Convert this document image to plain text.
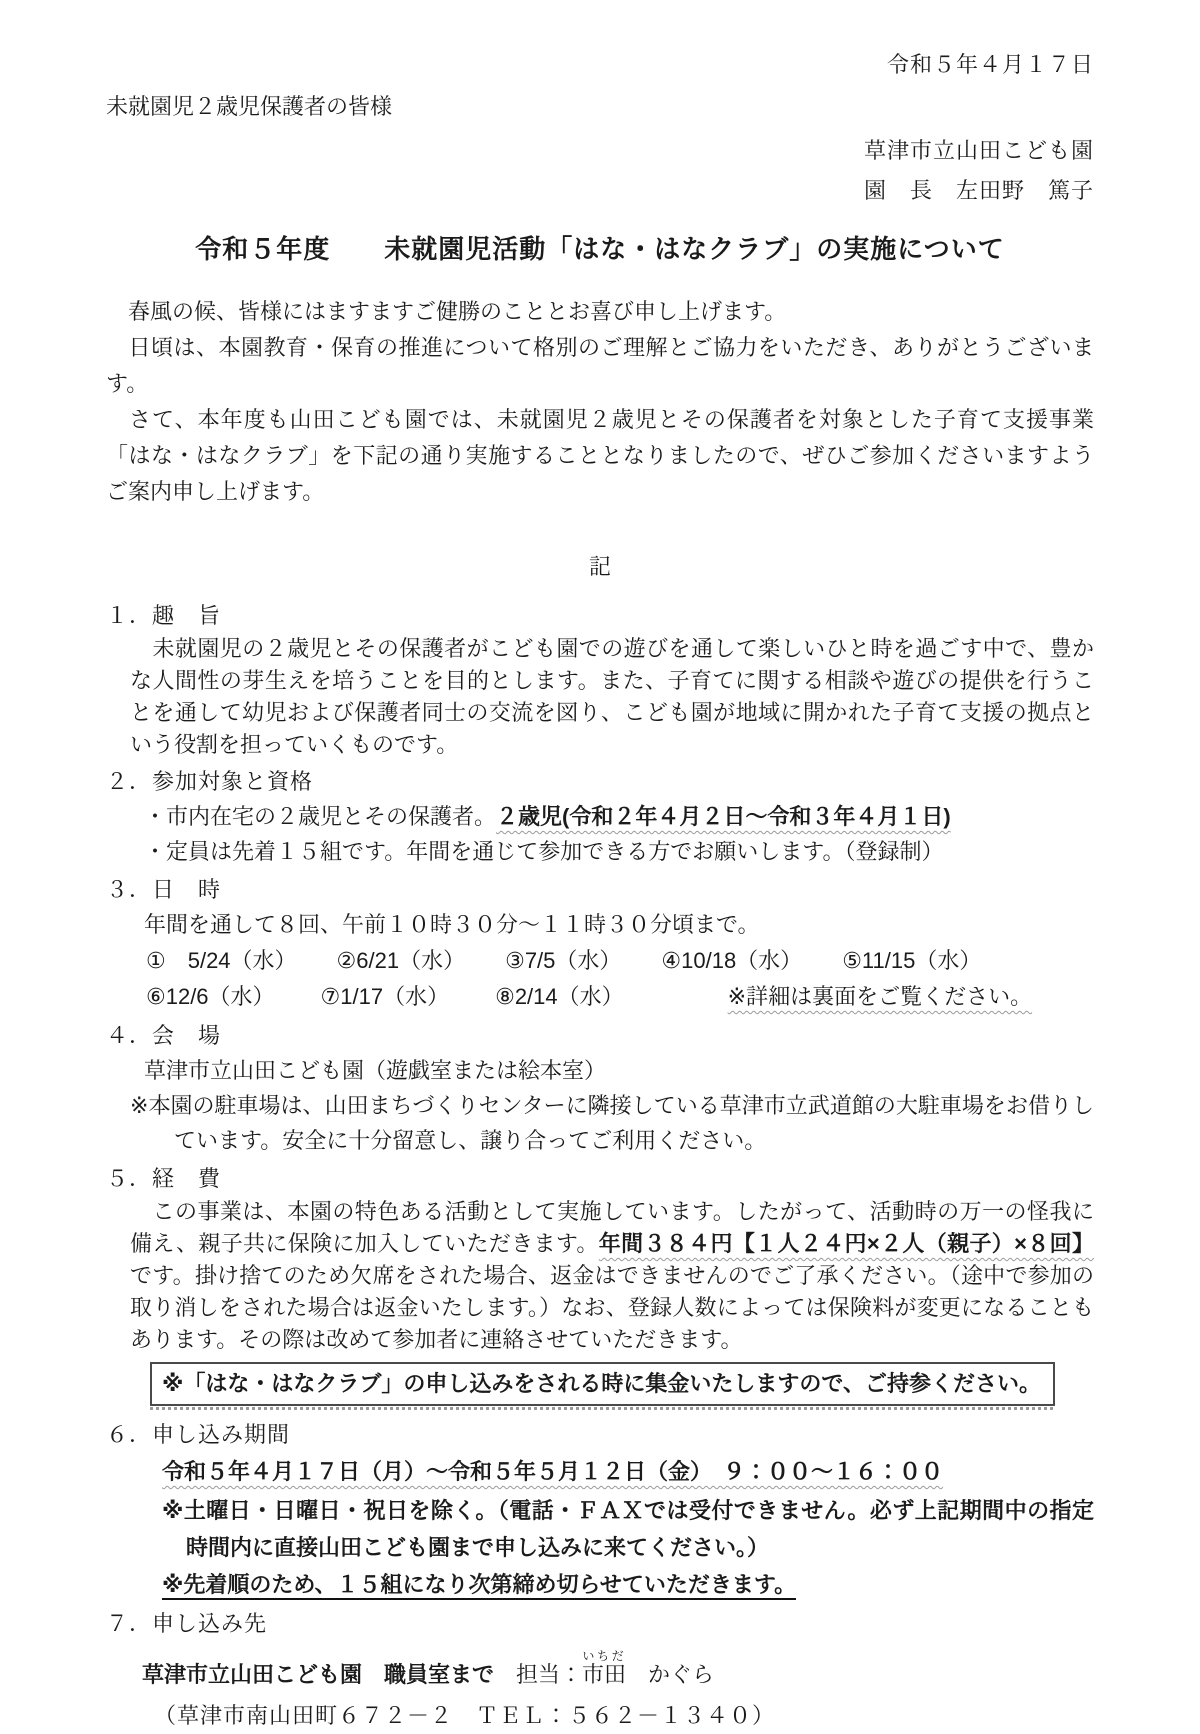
令和５年４月１７日
未就園児２歳児保護者の皆様
草津市立山田こども園
園　長　左田野　篤子
令和５年度　　未就園児活動「はな・はなクラブ」の実施について

　春風の候、皆様にはますますご健勝のこととお喜び申し上げます。

　日頃は、本園教育・保育の推進について格別のご理解とご協力をいただき、ありがとうございます。

　さて、本年度も山田こども園では、未就園児２歳児とその保護者を対象とした子育て支援事業「はな・はなクラブ」を下記の通り実施することとなりましたので、ぜひご参加くださいますようご案内申し上げます。

記
１．趣　旨
　未就園児の２歳児とその保護者がこども園での遊びを通して楽しいひと時を過ごす中で、豊かな人間性の芽生えを培うことを目的とします。また、子育てに関する相談や遊びの提供を行うことを通して幼児および保護者同士の交流を図り、こども園が地域に開かれた子育て支援の拠点という役割を担っていくものです。
２．参加対象と資格
・市内在宅の２歳児とその保護者。２歳児(令和２年４月２日～令和３年４月１日)
・定員は先着１５組です。年間を通じて参加できる方でお願いします。（登録制）
３．日　時
年間を通して８回、午前１０時３０分～１１時３０分頃まで。
①　5/24（水） ②6/21（水） ③7/5（水） ④10/18（水） ⑤11/15（水）
⑥12/6（水） ⑦1/17（水） ⑧2/14（水）	※詳細は裏面をご覧ください。
４．会　場
草津市立山田こども園（遊戯室または絵本室）
※本園の駐車場は、山田まちづくりセンターに隣接している草津市立武道館の大駐車場をお借りしています。安全に十分留意し、譲り合ってご利用ください。
５．経　費
　この事業は、本園の特色ある活動として実施しています。したがって、活動時の万一の怪我に備え、親子共に保険に加入していただきます。年間３８４円【１人２４円×２人（親子）×８回】です。掛け捨てのため欠席をされた場合、返金はできませんのでご了承ください。（途中で参加の取り消しをされた場合は返金いたします。）なお、登録人数によっては保険料が変更になることもあります。その際は改めて参加者に連絡させていただきます。
※「はな・はなクラブ」の申し込みをされる時に集金いたしますので、ご持参ください。
６．申し込み期間
令和５年４月１７日（月）～令和５年５月１２日（金）　９：００～１６：００
※土曜日・日曜日・祝日を除く。（電話・ＦＡＸでは受付できません。必ず上記期間中の指定時間内に直接山田こども園まで申し込みに来てください。）
※先着順のため、１５組になり次第締め切らせていただきます。
７．申し込み先
草津市立山田こども園　職員室まで　担当：市田いちだ　かぐら
（草津市南山田町６７２－２　ＴＥＬ：５６２－１３４０）
